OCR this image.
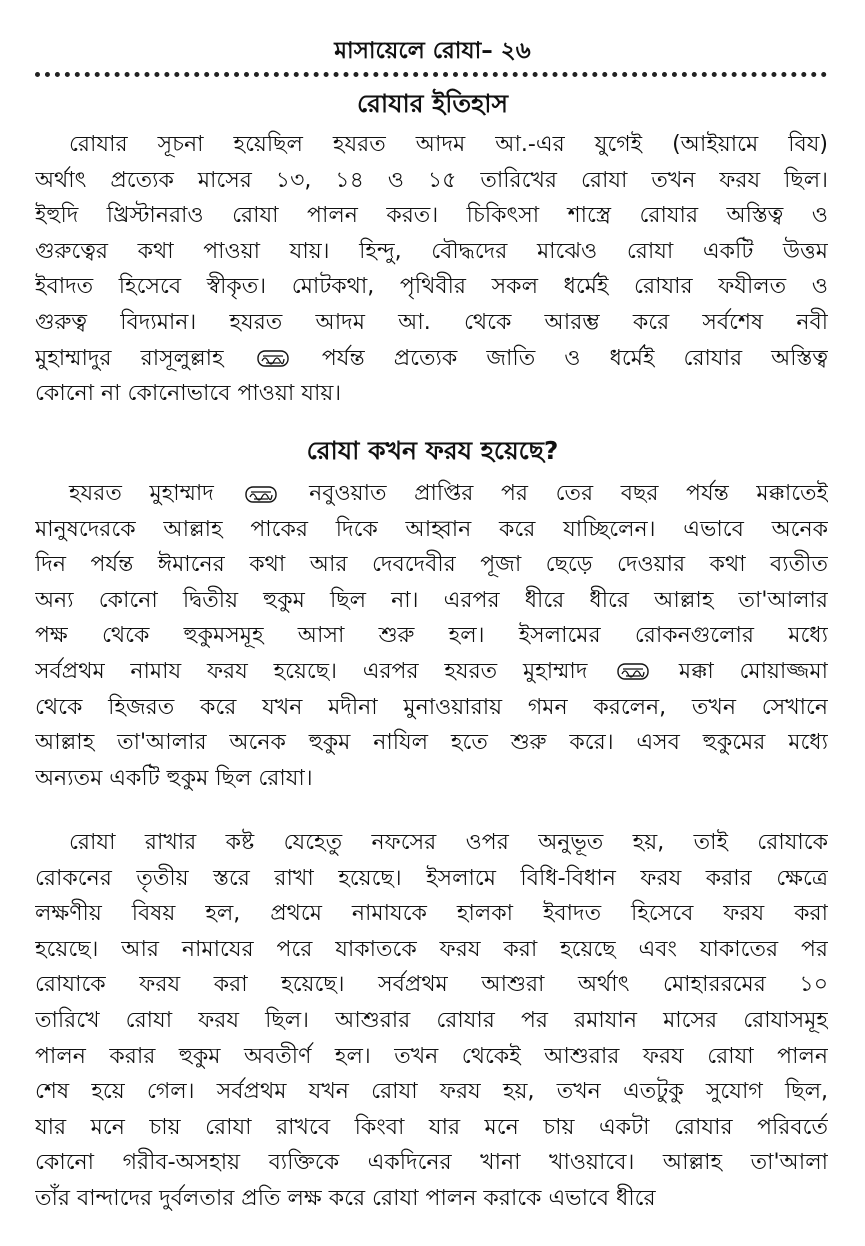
মাসায়েলে রোযা– ২৬
রোযার ইতিহাস
রোযার সূচনা হয়েছিল হযরত আদম আ.-এর যুগেই (আইয়ামে বিয)
অর্থাৎ প্রত্যেক মাসের ১৩, ১৪ ও ১৫ তারিখের রোযা তখন ফরয ছিল।
ইহুদি খ্রিস্টানরাও রোযা পালন করত। চিকিৎসা শাস্ত্রে রোযার অস্তিত্ব ও
গুরুত্বের কথা পাওয়া যায়। হিন্দু, বৌদ্ধদের মাঝেও রোযা একটি উত্তম
ইবাদত হিসেবে স্বীকৃত। মোটকথা, পৃথিবীর সকল ধর্মেই রোযার ফযীলত ও
গুরুত্ব বিদ্যমান। হযরত আদম আ. থেকে আরম্ভ করে সর্বশেষ নবী
মুহাম্মাদুর রাসূলুল্লাহ	পর্যন্ত প্রত্যেক জাতি ও ধর্মেই রোযার অস্তিত্ব
কোনো না কোনোভাবে পাওয়া যায়।
রোযা কখন ফরয হয়েছে?
হযরত মুহাম্মাদ	নবুওয়াত প্রাপ্তির পর তের বছর পর্যন্ত মক্কাতেই
মানুষদেরকে আল্লাহ পাকের দিকে আহ্বান করে যাচ্ছিলেন। এভাবে অনেক
দিন পর্যন্ত ঈমানের কথা আর দেবদেবীর পূজা ছেড়ে দেওয়ার কথা ব্যতীত
অন্য কোনো দ্বিতীয় হুকুম ছিল না। এরপর ধীরে ধীরে আল্লাহ তা'আলার
পক্ষ থেকে হুকুমসমূহ আসা শুরু হল। ইসলামের রোকনগুলোর মধ্যে
সর্বপ্রথম নামায ফরয হয়েছে। এরপর হযরত মুহাম্মাদ	মক্কা মোয়াজ্জমা
থেকে হিজরত করে যখন মদীনা মুনাওয়ারায় গমন করলেন, তখন সেখানে
আল্লাহ তা'আলার অনেক হুকুম নাযিল হতে শুরু করে। এসব হুকুমের মধ্যে
অন্যতম একটি হুকুম ছিল রোযা।
রোযা রাখার কষ্ট যেহেতু নফসের ওপর অনুভূত হয়, তাই রোযাকে
রোকনের তৃতীয় স্তরে রাখা হয়েছে। ইসলামে বিধি-বিধান ফরয করার ক্ষেত্রে
লক্ষণীয় বিষয় হল, প্রথমে নামাযকে হালকা ইবাদত হিসেবে ফরয করা
হয়েছে। আর নামাযের পরে যাকাতকে ফরয করা হয়েছে এবং যাকাতের পর
রোযাকে ফরয করা হয়েছে। সর্বপ্রথম আশুরা অর্থাৎ মোহাররমের ১০
তারিখে রোযা ফরয ছিল। আশুরার রোযার পর রমাযান মাসের রোযাসমূহ
পালন করার হুকুম অবতীর্ণ হল। তখন থেকেই আশুরার ফরয রোযা পালন
শেষ হয়ে গেল। সর্বপ্রথম যখন রোযা ফরয হয়, তখন এতটুকু সুযোগ ছিল,
যার মনে চায় রোযা রাখবে কিংবা যার মনে চায় একটা রোযার পরিবর্তে
কোনো গরীব-অসহায় ব্যক্তিকে একদিনের খানা খাওয়াবে। আল্লাহ তা'আলা
তাঁর বান্দাদের দুর্বলতার প্রতি লক্ষ করে রোযা পালন করাকে এভাবে ধীরে
